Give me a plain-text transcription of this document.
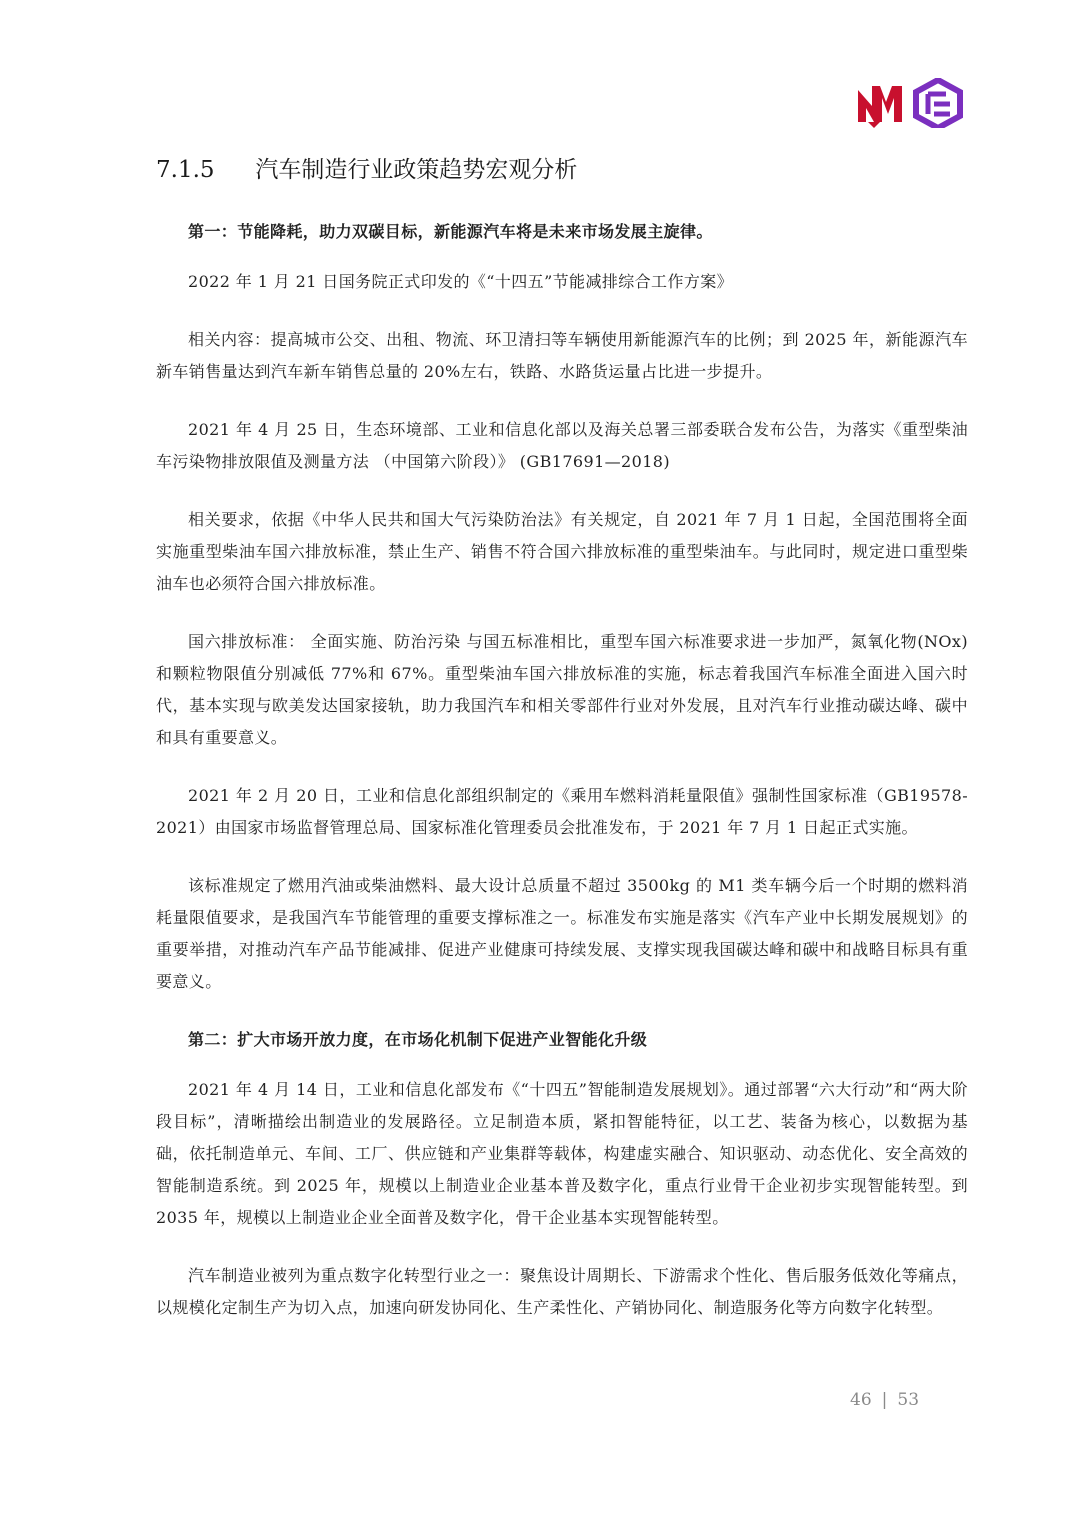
7.1.5 汽车制造行业政策趋势宏观分析

第一：节能降耗，助力双碳目标，新能源汽车将是未来市场发展主旋律。

2022 年 1 月 21 日国务院正式印发的《“十四五”节能减排综合工作方案》

相关内容：提高城市公交、出租、物流、环卫清扫等车辆使用新能源汽车的比例；到 2025 年，新能源汽车新车销售量达到汽车新车销售总量的 20%左右，铁路、水路货运量占比进一步提升。

2021 年 4 月 25 日，生态环境部、工业和信息化部以及海关总署三部委联合发布公告，为落实《重型柴油车污染物排放限值及测量方法 （中国第六阶段）》 (GB17691—2018)

相关要求，依据《中华人民共和国大气污染防治法》有关规定，自 2021 年 7 月 1 日起，全国范围将全面实施重型柴油车国六排放标准，禁止生产、销售不符合国六排放标准的重型柴油车。与此同时，规定进口重型柴油车也必须符合国六排放标准。

国六排放标准： 全面实施、防治污染 与国五标准相比，重型车国六标准要求进一步加严，氮氧化物(NOx)和颗粒物限值分别减低 77%和 67%。重型柴油车国六排放标准的实施，标志着我国汽车标准全面进入国六时代，基本实现与欧美发达国家接轨，助力我国汽车和相关零部件行业对外发展，且对汽车行业推动碳达峰、碳中和具有重要意义。

2021 年 2 月 20 日，工业和信息化部组织制定的《乘用车燃料消耗量限值》强制性国家标准（GB19578-2021）由国家市场监督管理总局、国家标准化管理委员会批准发布，于 2021 年 7 月 1 日起正式实施。

该标准规定了燃用汽油或柴油燃料、最大设计总质量不超过 3500kg 的 M1 类车辆今后一个时期的燃料消耗量限值要求，是我国汽车节能管理的重要支撑标准之一。标准发布实施是落实《汽车产业中长期发展规划》的重要举措，对推动汽车产品节能减排、促进产业健康可持续发展、支撑实现我国碳达峰和碳中和战略目标具有重要意义。

第二：扩大市场开放力度，在市场化机制下促进产业智能化升级

2021 年 4 月 14 日，工业和信息化部发布《“十四五”智能制造发展规划》。通过部署“六大行动”和“两大阶段目标”，清晰描绘出制造业的发展路径。立足制造本质，紧扣智能特征，以工艺、装备为核心，以数据为基础，依托制造单元、车间、工厂、供应链和产业集群等载体，构建虚实融合、知识驱动、动态优化、安全高效的智能制造系统。到 2025 年，规模以上制造业企业基本普及数字化，重点行业骨干企业初步实现智能转型。到 2035 年，规模以上制造业企业全面普及数字化，骨干企业基本实现智能转型。

汽车制造业被列为重点数字化转型行业之一：聚焦设计周期长、下游需求个性化、售后服务低效化等痛点，以规模化定制生产为切入点，加速向研发协同化、生产柔性化、产销协同化、制造服务化等方向数字化转型。

46 | 53
